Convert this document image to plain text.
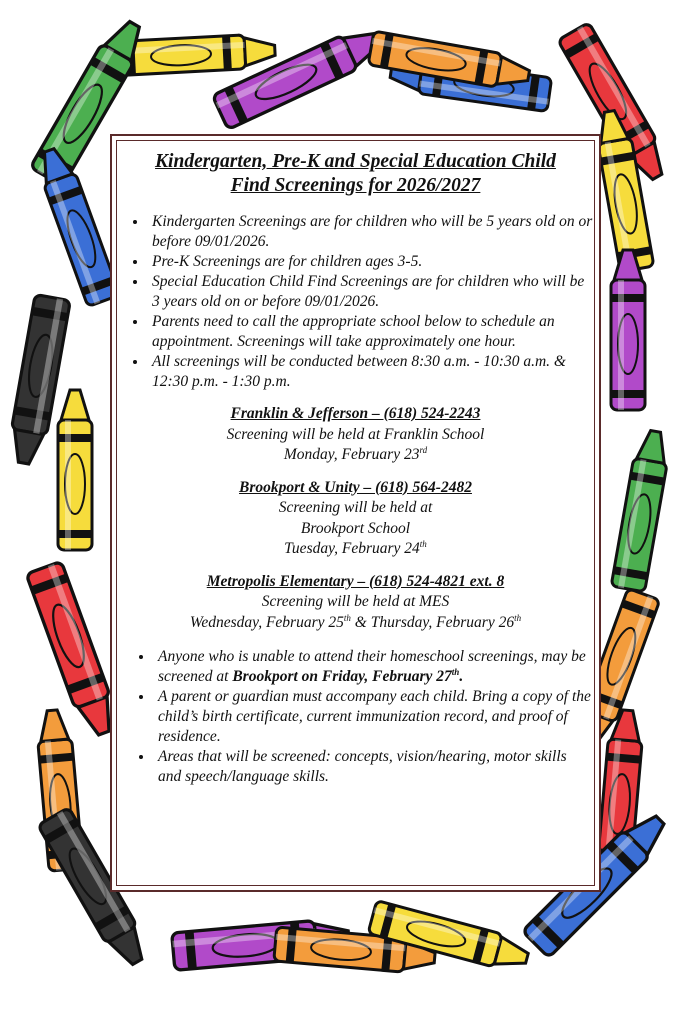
Kindergarten, Pre-K and Special Education Child
Find Screenings for 2026/2027
• Kindergarten Screenings are for children who will be 5 years old on or before 09/01/2026.
• Pre-K Screenings are for children ages 3-5.
• Special Education Child Find Screenings are for children who will be 3 years old on or before 09/01/2026.
• Parents need to call the appropriate school below to schedule an appointment. Screenings will take approximately one hour.
• All screenings will be conducted between 8:30 a.m. - 10:30 a.m. & 12:30 p.m. - 1:30 p.m.
Franklin & Jefferson – (618) 524-2243
Screening will be held at Franklin School
Monday, February 23rd
Brookport & Unity – (618) 564-2482
Screening will be held at
Brookport School
Tuesday, February 24th
Metropolis Elementary – (618) 524-4821 ext. 8
Screening will be held at MES
Wednesday, February 25th & Thursday, February 26th
• Anyone who is unable to attend their homeschool screenings, may be screened at Brookport on Friday, February 27th.
• A parent or guardian must accompany each child. Bring a copy of the child’s birth certificate, current immunization record, and proof of residence.
• Areas that will be screened: concepts, vision/hearing, motor skills and speech/language skills.
